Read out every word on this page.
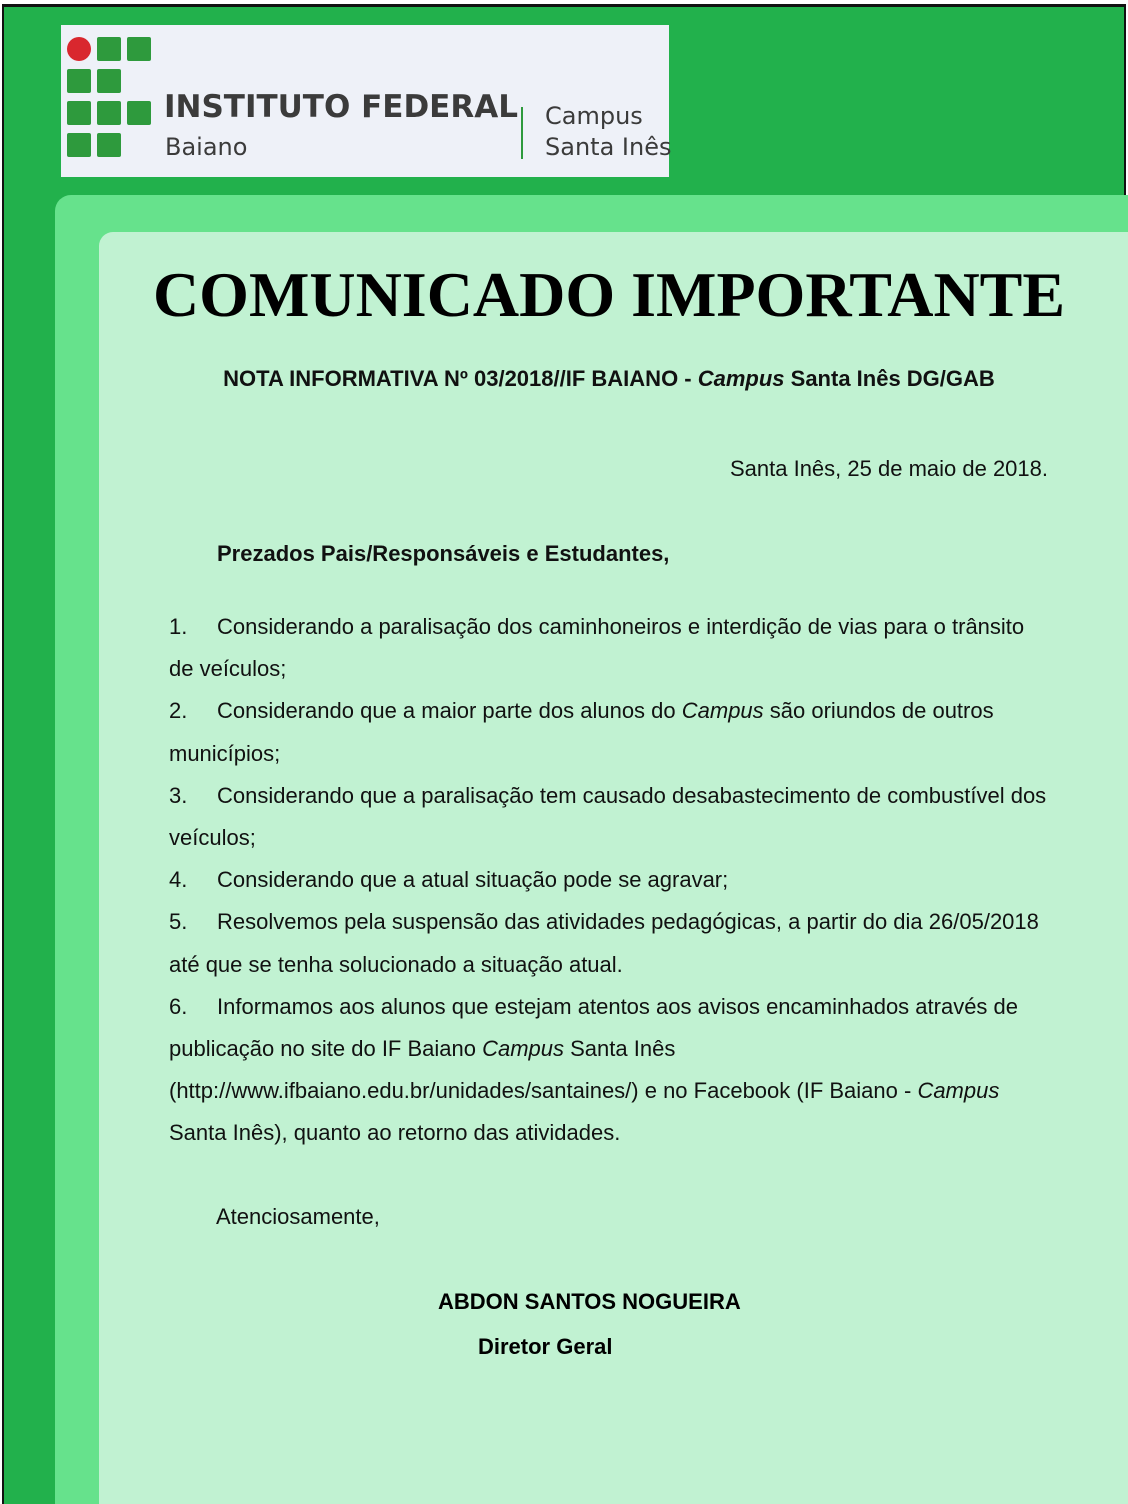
INSTITUTO FEDERAL
Baiano
Campus
Santa Inês
COMUNICADO IMPORTANTE
NOTA INFORMATIVA Nº 03/2018//IF BAIANO - Campus Santa Inês DG/GAB
Santa Inês, 25 de maio de 2018.
Prezados Pais/Responsáveis e Estudantes,

1. Considerando a paralisação dos caminhoneiros e interdição de vias para o trânsito de veículos;

2. Considerando que a maior parte dos alunos do Campus são oriundos de outros municípios;

3. Considerando que a paralisação tem causado desabastecimento de combustível dos veículos;

4. Considerando que a atual situação pode se agravar;

5. Resolvemos pela suspensão das atividades pedagógicas, a partir do dia 26/05/2018 até que se tenha solucionado a situação atual.

6. Informamos aos alunos que estejam atentos aos avisos encaminhados através de publicação no site do IF Baiano Campus Santa Inês (http://www.ifbaiano.edu.br/unidades/santaines/) e no Facebook (IF Baiano - Campus Santa Inês), quanto ao retorno das atividades.

Atenciosamente,
ABDON SANTOS NOGUEIRA
Diretor Geral
